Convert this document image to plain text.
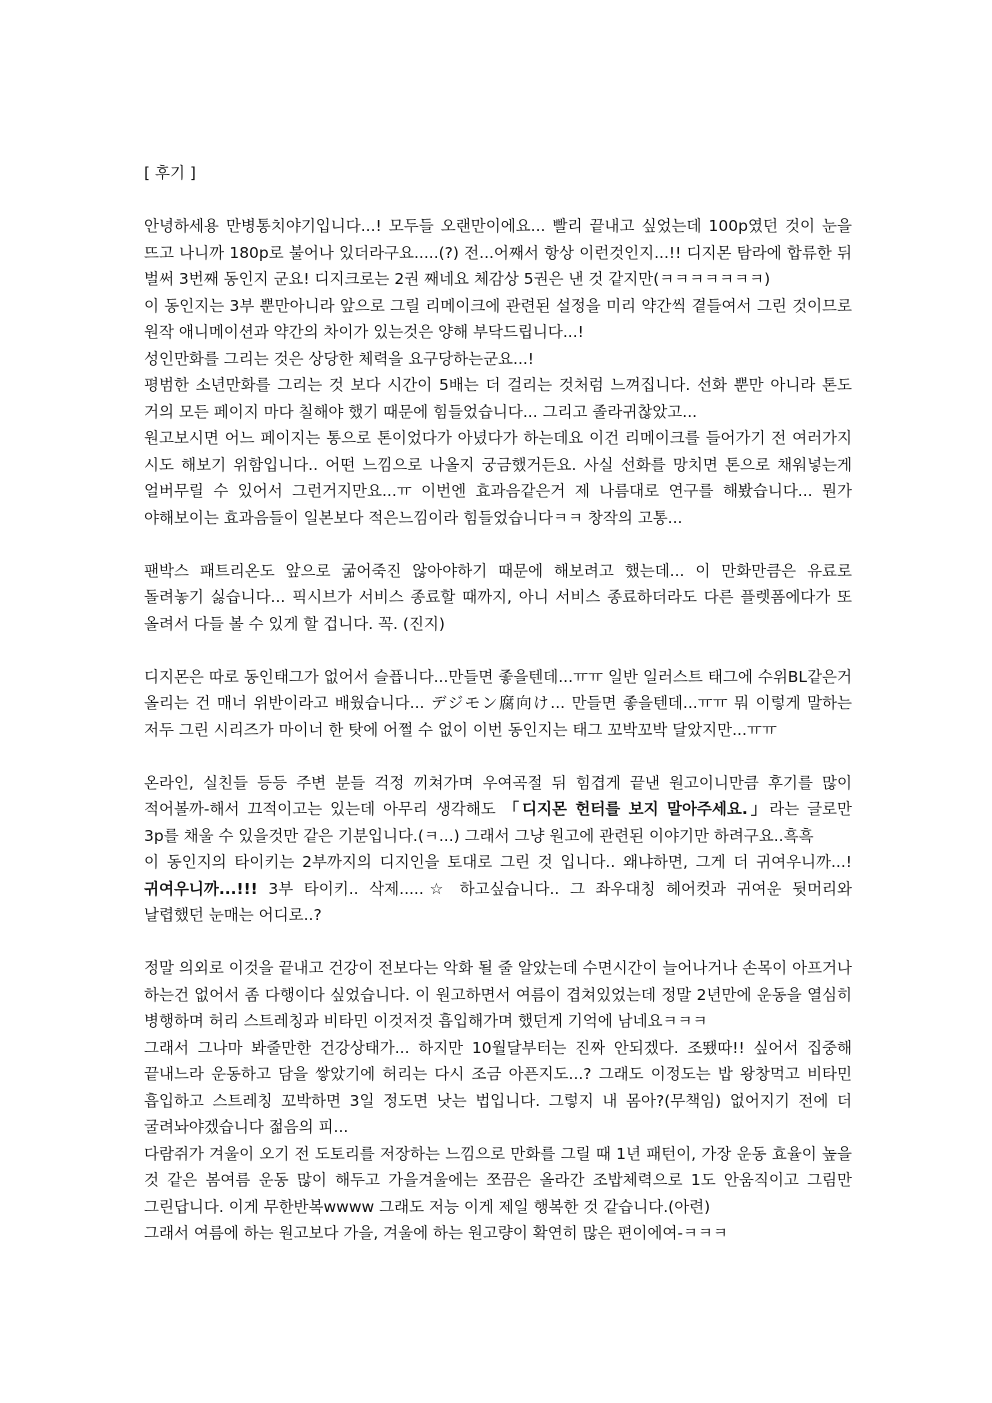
[ 후기 ]

안녕하세용 만병통치야기입니다...! 모두들 오랜만이에요... 빨리 끝내고 싶었는데 100p였던 것이 눈을 뜨고 나니까 180p로 불어나 있더라구요.....(?) 전...어째서 항상 이런것인지...!! 디지몬 탐라에 합류한 뒤 벌써 3번째 동인지 군요! 디지크로는 2권 째네요 체감상 5권은 낸 것 같지만(ㅋㅋㅋㅋㅋㅋㅋ)

이 동인지는 3부 뿐만아니라 앞으로 그릴 리메이크에 관련된 설정을 미리 약간씩 곁들여서 그린 것이므로 원작 애니메이션과 약간의 차이가 있는것은 양해 부닥드립니다...!

성인만화를 그리는 것은 상당한 체력을 요구당하는군요...!

평범한 소년만화를 그리는 것 보다 시간이 5배는 더 걸리는 것처럼 느껴집니다. 선화 뿐만 아니라 톤도 거의 모든 페이지 마다 칠해야 했기 때문에 힘들었습니다... 그리고 졸라귀찮았고...

원고보시면 어느 페이지는 통으로 톤이었다가 아녔다가 하는데요 이건 리메이크를 들어가기 전 여러가지 시도 해보기 위함입니다.. 어떤 느낌으로 나올지 궁금했거든요. 사실 선화를 망치면 톤으로 채워넣는게 얼버무릴 수 있어서 그런거지만요...ㅠ 이번엔 효과음같은거 제 나름대로 연구를 해봤습니다... 뭔가 야해보이는 효과음들이 일본보다 적은느낌이라 힘들었습니다ㅋㅋ 창작의 고통...

팬박스 패트리온도 앞으로 굶어죽진 않아야하기 때문에 해보려고 했는데... 이 만화만큼은 유료로 돌려놓기 싫습니다... 픽시브가 서비스 종료할 때까지, 아니 서비스 종료하더라도 다른 플렛폼에다가 또 올려서 다들 볼 수 있게 할 겁니다. 꼭. (진지)

디지몬은 따로 동인태그가 없어서 슬픕니다...만들면 좋을텐데...ㅠㅠ 일반 일러스트 태그에 수위BL같은거 올리는 건 매너 위반이라고 배웠습니다... デジモン腐向け... 만들면 좋을텐데...ㅠㅠ 뭐 이렇게 말하는 저두 그린 시리즈가 마이너 한 탓에 어쩔 수 없이 이번 동인지는 태그 꼬박꼬박 달았지만...ㅠㅠ

온라인, 실친들 등등 주변 분들 걱정 끼쳐가며 우여곡절 뒤 힘겹게 끝낸 원고이니만큼 후기를 많이 적어볼까-해서 끄적이고는 있는데 아무리 생각해도 「디지몬 헌터를 보지 말아주세요.」라는 글로만 3p를 채울 수 있을것만 같은 기분입니다.(ㅋ...) 그래서 그냥 원고에 관련된 이야기만 하려구요..흑흑

이 동인지의 타이키는 2부까지의 디지인을 토대로 그린 것 입니다.. 왜냐하면, 그게 더 귀여우니까...! 귀여우니까...!!! 3부 타이키.. 삭제.....☆ 하고싶습니다.. 그 좌우대칭 헤어컷과 귀여운 뒷머리와 날렵했던 눈매는 어디로..?

정말 의외로 이것을 끝내고 건강이 전보다는 악화 될 줄 알았는데 수면시간이 늘어나거나 손목이 아프거나 하는건 없어서 좀 다행이다 싶었습니다. 이 원고하면서 여름이 겹쳐있었는데 정말 2년만에 운동을 열심히 병행하며 허리 스트레칭과 비타민 이것저것 흡입해가며 했던게 기억에 남네요ㅋㅋㅋ

그래서 그나마 봐줄만한 건강상태가... 하지만 10월달부터는 진짜 안되겠다. 조뙜따!! 싶어서 집중해 끝내느라 운동하고 담을 쌓았기에 허리는 다시 조금 아픈지도...? 그래도 이정도는 밥 왕창먹고 비타민 흡입하고 스트레칭 꼬박하면 3일 정도면 낫는 법입니다. 그렇지 내 몸아?(무책임) 없어지기 전에 더 굴려놔야겠습니다 젊음의 피...

다람쥐가 겨울이 오기 전 도토리를 저장하는 느낌으로 만화를 그릴 때 1년 패턴이, 가장 운동 효율이 높을 것 같은 봄여름 운동 많이 해두고 가을겨울에는 쪼끔은 올라간 조밥체력으로 1도 안움직이고 그림만 그린답니다. 이게 무한반복wwww 그래도 저능 이게 제일 행복한 것 같습니다.(아련)

그래서 여름에 하는 원고보다 가을, 겨울에 하는 원고량이 확연히 많은 편이에여-ㅋㅋㅋ
